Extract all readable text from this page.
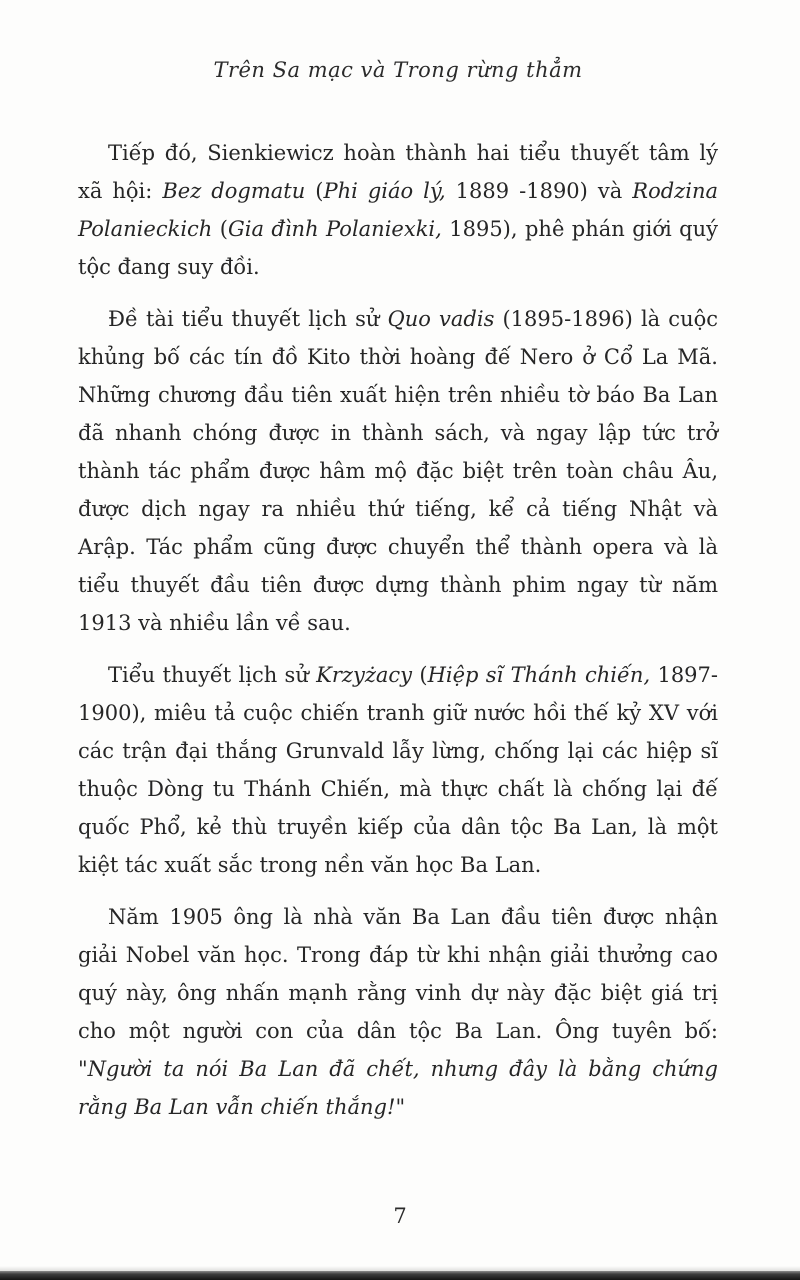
Trên Sa mạc và Trong rừng thẳm

Tiếp đó, Sienkiewicz hoàn thành hai tiểu thuyết tâm lý xã hội: Bez dogmatu (Phi giáo lý, 1889 -1890) và Rodzina Polanieckich (Gia đình Polaniexki, 1895), phê phán giới quý tộc đang suy đồi.

Đề tài tiểu thuyết lịch sử Quo vadis (1895-1896) là cuộc khủng bố các tín đồ Kito thời hoàng đế Nero ở Cổ La Mã. Những chương đầu tiên xuất hiện trên nhiều tờ báo Ba Lan đã nhanh chóng được in thành sách, và ngay lập tức trở thành tác phẩm được hâm mộ đặc biệt trên toàn châu Âu, được dịch ngay ra nhiều thứ tiếng, kể cả tiếng Nhật và Arập. Tác phẩm cũng được chuyển thể thành opera và là tiểu thuyết đầu tiên được dựng thành phim ngay từ năm 1913 và nhiều lần về sau.

Tiểu thuyết lịch sử Krzyżacy (Hiệp sĩ Thánh chiến, 1897-1900), miêu tả cuộc chiến tranh giữ nước hồi thế kỷ XV với các trận đại thắng Grunvald lẫy lừng, chống lại các hiệp sĩ thuộc Dòng tu Thánh Chiến, mà thực chất là chống lại đế quốc Phổ, kẻ thù truyền kiếp của dân tộc Ba Lan, là một kiệt tác xuất sắc trong nền văn học Ba Lan.

Năm 1905 ông là nhà văn Ba Lan đầu tiên được nhận giải Nobel văn học. Trong đáp từ khi nhận giải thưởng cao quý này, ông nhấn mạnh rằng vinh dự này đặc biệt giá trị cho một người con của dân tộc Ba Lan. Ông tuyên bố: "Người ta nói Ba Lan đã chết, nhưng đây là bằng chứng rằng Ba Lan vẫn chiến thắng!"

7
